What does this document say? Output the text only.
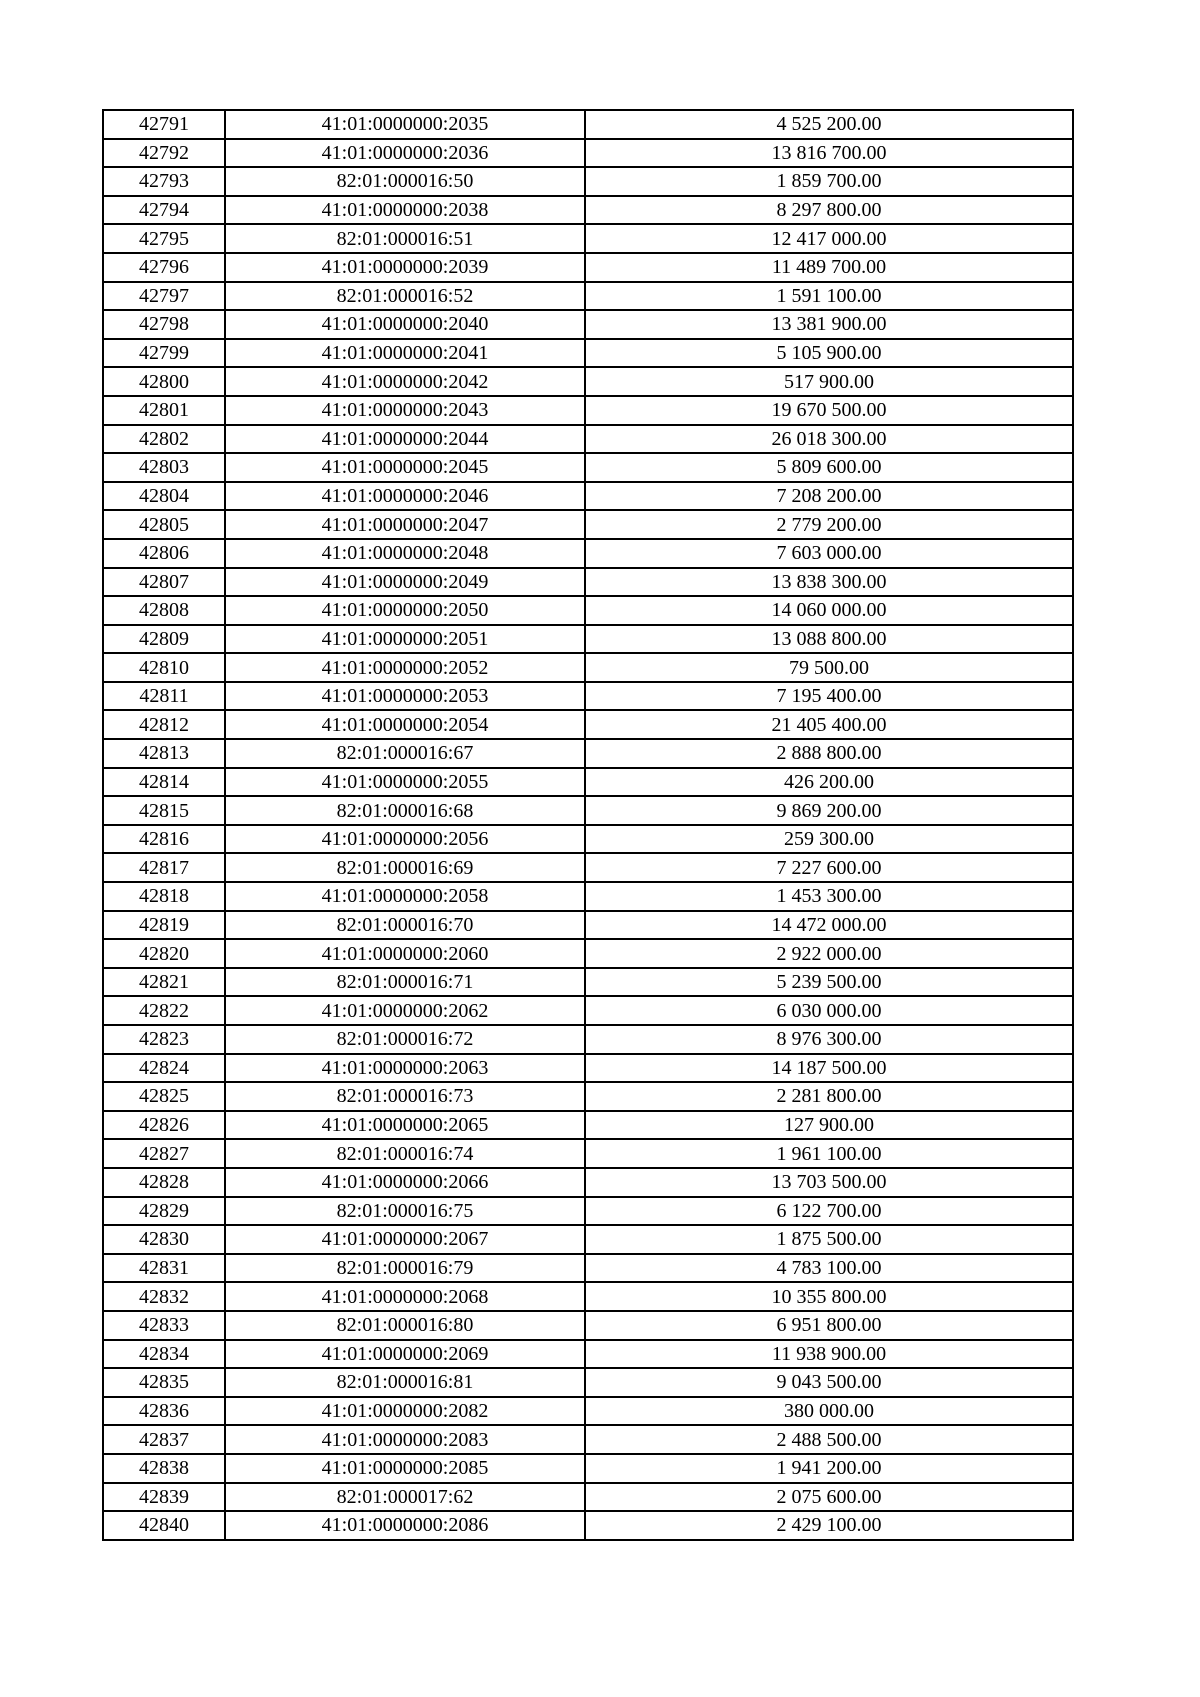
42791	41:01:0000000:2035	4 525 200.00
42792	41:01:0000000:2036	13 816 700.00
42793	82:01:000016:50	1 859 700.00
42794	41:01:0000000:2038	8 297 800.00
42795	82:01:000016:51	12 417 000.00
42796	41:01:0000000:2039	11 489 700.00
42797	82:01:000016:52	1 591 100.00
42798	41:01:0000000:2040	13 381 900.00
42799	41:01:0000000:2041	5 105 900.00
42800	41:01:0000000:2042	517 900.00
42801	41:01:0000000:2043	19 670 500.00
42802	41:01:0000000:2044	26 018 300.00
42803	41:01:0000000:2045	5 809 600.00
42804	41:01:0000000:2046	7 208 200.00
42805	41:01:0000000:2047	2 779 200.00
42806	41:01:0000000:2048	7 603 000.00
42807	41:01:0000000:2049	13 838 300.00
42808	41:01:0000000:2050	14 060 000.00
42809	41:01:0000000:2051	13 088 800.00
42810	41:01:0000000:2052	79 500.00
42811	41:01:0000000:2053	7 195 400.00
42812	41:01:0000000:2054	21 405 400.00
42813	82:01:000016:67	2 888 800.00
42814	41:01:0000000:2055	426 200.00
42815	82:01:000016:68	9 869 200.00
42816	41:01:0000000:2056	259 300.00
42817	82:01:000016:69	7 227 600.00
42818	41:01:0000000:2058	1 453 300.00
42819	82:01:000016:70	14 472 000.00
42820	41:01:0000000:2060	2 922 000.00
42821	82:01:000016:71	5 239 500.00
42822	41:01:0000000:2062	6 030 000.00
42823	82:01:000016:72	8 976 300.00
42824	41:01:0000000:2063	14 187 500.00
42825	82:01:000016:73	2 281 800.00
42826	41:01:0000000:2065	127 900.00
42827	82:01:000016:74	1 961 100.00
42828	41:01:0000000:2066	13 703 500.00
42829	82:01:000016:75	6 122 700.00
42830	41:01:0000000:2067	1 875 500.00
42831	82:01:000016:79	4 783 100.00
42832	41:01:0000000:2068	10 355 800.00
42833	82:01:000016:80	6 951 800.00
42834	41:01:0000000:2069	11 938 900.00
42835	82:01:000016:81	9 043 500.00
42836	41:01:0000000:2082	380 000.00
42837	41:01:0000000:2083	2 488 500.00
42838	41:01:0000000:2085	1 941 200.00
42839	82:01:000017:62	2 075 600.00
42840	41:01:0000000:2086	2 429 100.00
